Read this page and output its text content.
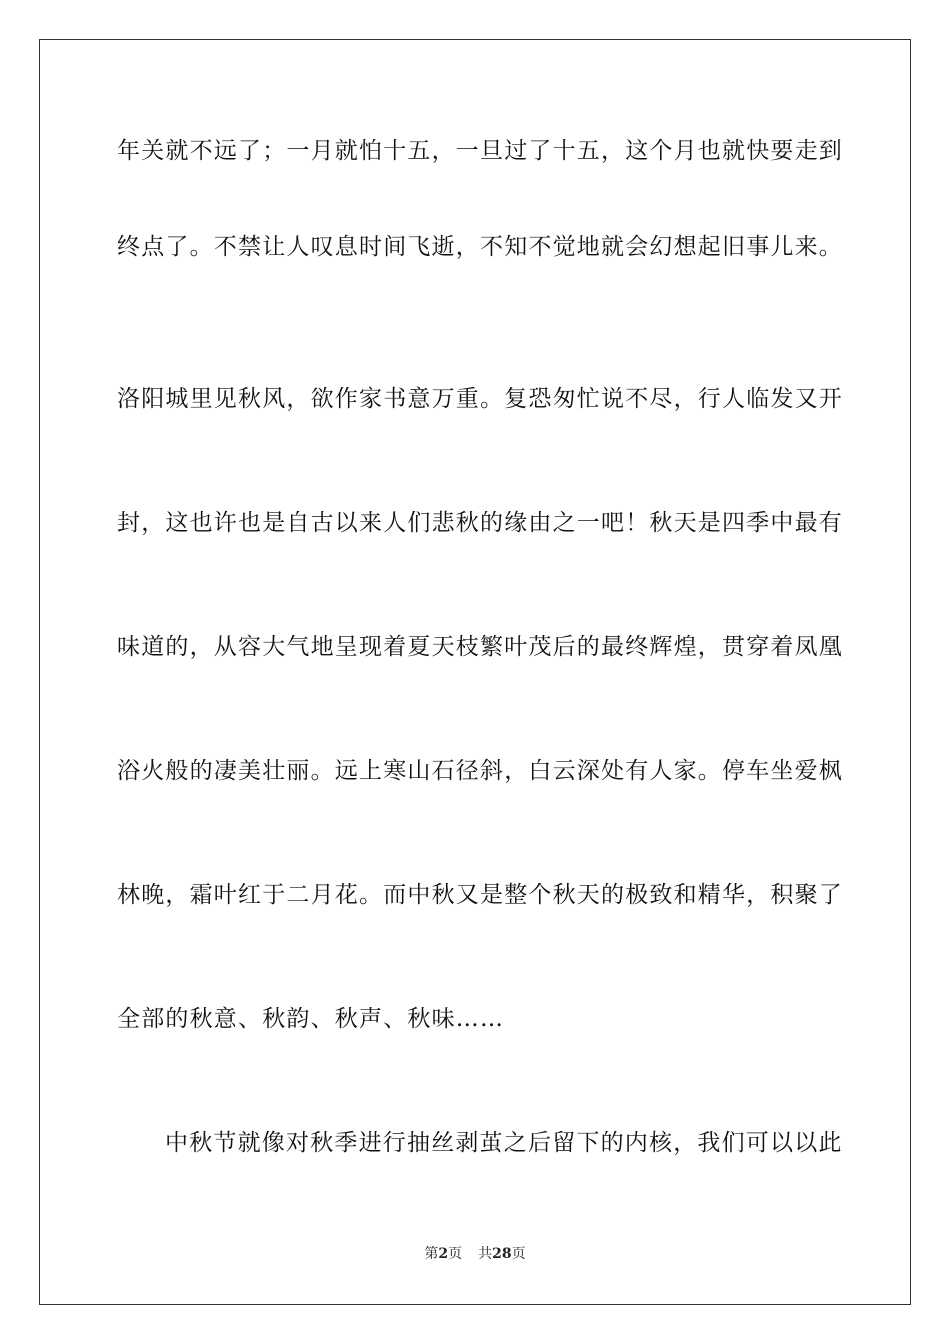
年关就不远了；一月就怕十五，一旦过了十五，这个月也就快要走到
终点了。不禁让人叹息时间飞逝，不知不觉地就会幻想起旧事儿来。
洛阳城里见秋风，欲作家书意万重。复恐匆忙说不尽，行人临发又开
封，这也许也是自古以来人们悲秋的缘由之一吧！秋天是四季中最有
味道的，从容大气地呈现着夏天枝繁叶茂后的最终辉煌，贯穿着凤凰
浴火般的凄美壮丽。远上寒山石径斜，白云深处有人家。停车坐爱枫
林晚，霜叶红于二月花。而中秋又是整个秋天的极致和精华，积聚了
全部的秋意、秋韵、秋声、秋味……
中秋节就像对秋季进行抽丝剥茧之后留下的内核，我们可以以此
第2页 共28页
